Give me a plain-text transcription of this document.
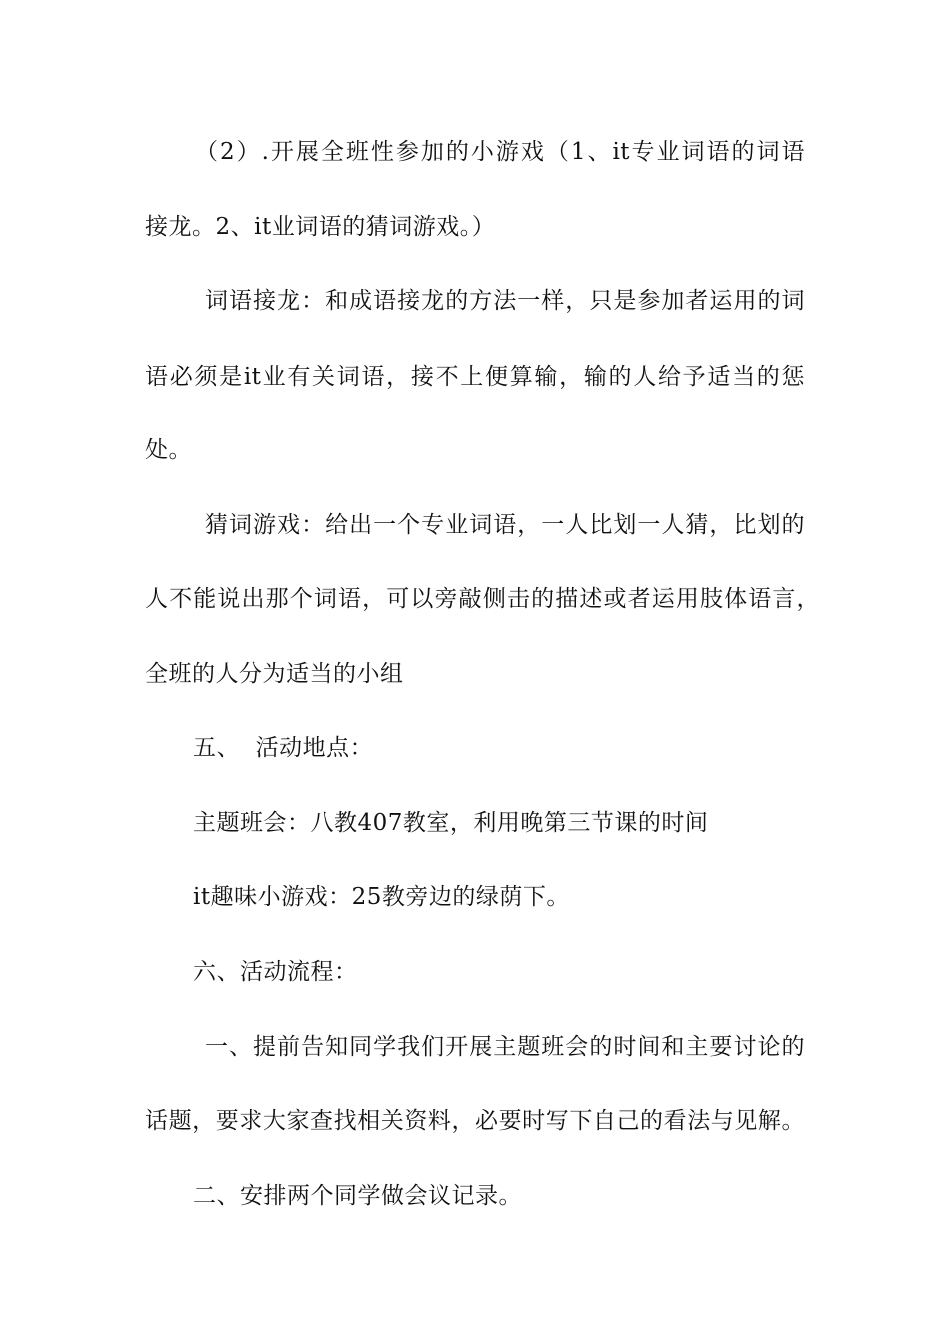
（2）.开展全班性参加的小游戏（1、it专业词语的词语
接龙。2、it业词语的猜词游戏。）
词语接龙：和成语接龙的方法一样，只是参加者运用的词
语必须是it业有关词语，接不上便算输，输的人给予适当的惩
处。
猜词游戏：给出一个专业词语，一人比划一人猜，比划的
人不能说出那个词语，可以旁敲侧击的描述或者运用肢体语言，
全班的人分为适当的小组
五、  活动地点：
主题班会：八教407教室，利用晚第三节课的时间
it趣味小游戏：25教旁边的绿荫下。
六、活动流程：
一、提前告知同学我们开展主题班会的时间和主要讨论的
话题，要求大家查找相关资料，必要时写下自己的看法与见解。
二、安排两个同学做会议记录。
